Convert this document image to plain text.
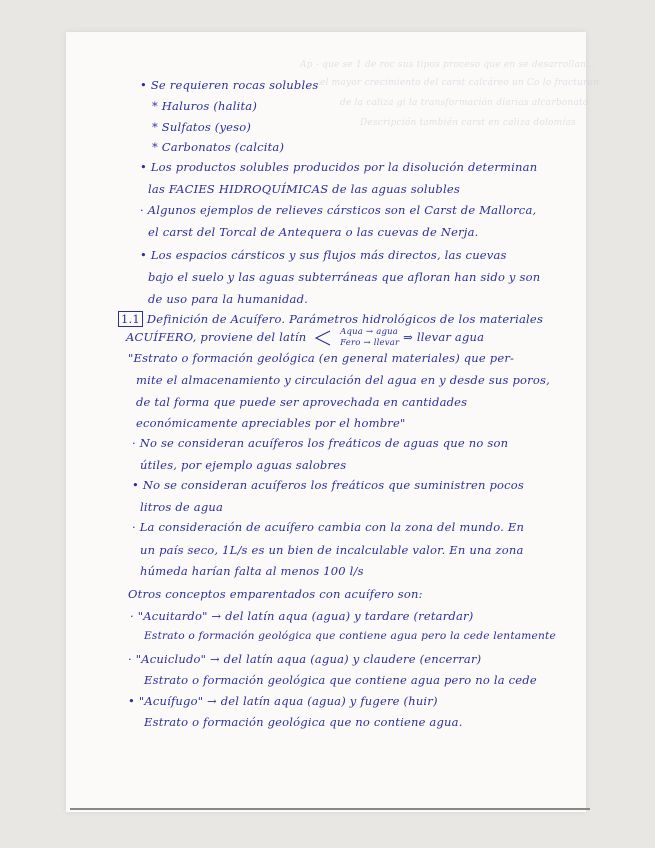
Ap - que se 1 de roc sus tipos proceso que en se desarrollan...

el mayor crecimiento del carst calcáreo un Co lo fracturan

de la caliza gi la transformación diarias alcarbonato

Descripción también carst en caliza dolomías

• Se requieren rocas solubles

* Haluros (halita)

* Sulfatos (yeso)

* Carbonatos (calcita)

• Los productos solubles producidos por la disolución determinan

las FACIES HIDROQUÍMICAS de las aguas solubles

· Algunos ejemplos de relieves cársticos son el Carst de Mallorca,

el carst del Torcal de Antequera o las cuevas de Nerja.

• Los espacios cársticos y sus flujos más directos, las cuevas

bajo el suelo y las aguas subterráneas que afloran han sido y son

de uso para la humanidad.

1.1 Definición de Acuífero. Parámetros hidrológicos de los materiales

ACUÍFERO, proviene del latín	Aqua → agua
Fero → llevar ⇒ llevar agua

"Estrato o formación geológica (en general materiales) que per-

mite el almacenamiento y circulación del agua en y desde sus poros,

de tal forma que puede ser aprovechada en cantidades

económicamente apreciables por el hombre"

· No se consideran acuíferos los freáticos de aguas que no son

útiles, por ejemplo aguas salobres

• No se consideran acuíferos los freáticos que suministren pocos

litros de agua

· La consideración de acuífero cambia con la zona del mundo. En

un país seco, 1L/s es un bien de incalculable valor. En una zona

húmeda harían falta al menos 100 l/s

Otros conceptos emparentados con acuífero son:

· "Acuitardo" → del latín aqua (agua) y tardare (retardar)

Estrato o formación geológica que contiene agua pero la cede lentamente

· "Acuicludo" → del latín aqua (agua) y claudere (encerrar)

Estrato o formación geológica que contiene agua pero no la cede

• "Acuífugo" → del latín aqua (agua) y fugere (huir)

Estrato o formación geológica que no contiene agua.
